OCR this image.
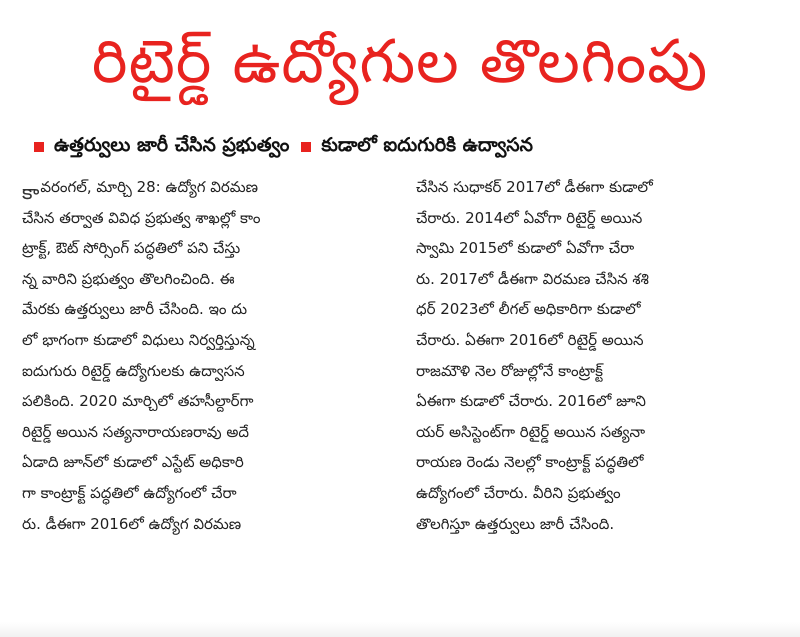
రిటైర్డ్ ఉద్యోగుల తొలగింపు
ఉత్తర్వులు జారీ చేసిన ప్రభుత్వం కుడాలో ఐదుగురికి ఉద్వాసన
కా వరంగల్, మార్చి 28: ఉద్యోగ విరమణ
చేసిన తర్వాత వివిధ ప్రభుత్వ శాఖల్లో కాం
ట్రాక్ట్, ఔట్ సోర్సింగ్ పద్ధతిలో పని చేస్తు
న్న వారిని ప్రభుత్వం తొలగించింది. ఈ
మేరకు ఉత్తర్వులు జారీ చేసింది. ఇం దు
లో భాగంగా కుడాలో విధులు నిర్వర్తిస్తున్న
ఐదుగురు రిటైర్డ్ ఉద్యోగులకు ఉద్వాసన
పలికింది. 2020 మార్చిలో తహసీల్దార్‌గా
రిటైర్డ్ అయిన సత్యనారాయణరావు అదే
ఏడాది జూన్‌లో కుడాలో ఎస్టేట్ అధికారి
గా కాంట్రాక్ట్ పద్ధతిలో ఉద్యోగంలో చేరా
రు. డీఈగా 2016లో ఉద్యోగ విరమణ
చేసిన సుధాకర్ 2017లో డీఈగా కుడాలో
చేరారు. 2014లో ఏవోగా రిటైర్డ్ అయిన
స్వామి 2015లో కుడాలో ఏవోగా చేరా
రు. 2017లో డీఈగా విరమణ చేసిన శశి
ధర్ 2023లో లీగల్ అధికారిగా కుడాలో
చేరారు. ఏఈగా 2016లో రిటైర్డ్ అయిన
రాజమౌళి నెల రోజుల్లోనే కాంట్రాక్ట్
ఏఈగా కుడాలో చేరారు. 2016లో జూని
యర్ అసిస్టెంట్‌గా రిటైర్డ్ అయిన సత్యనా
రాయణ రెండు నెలల్లో కాంట్రాక్ట్ పద్ధతిలో
ఉద్యోగంలో చేరారు. వీరిని ప్రభుత్వం
తొలగిస్తూ ఉత్తర్వులు జారీ చేసింది.
